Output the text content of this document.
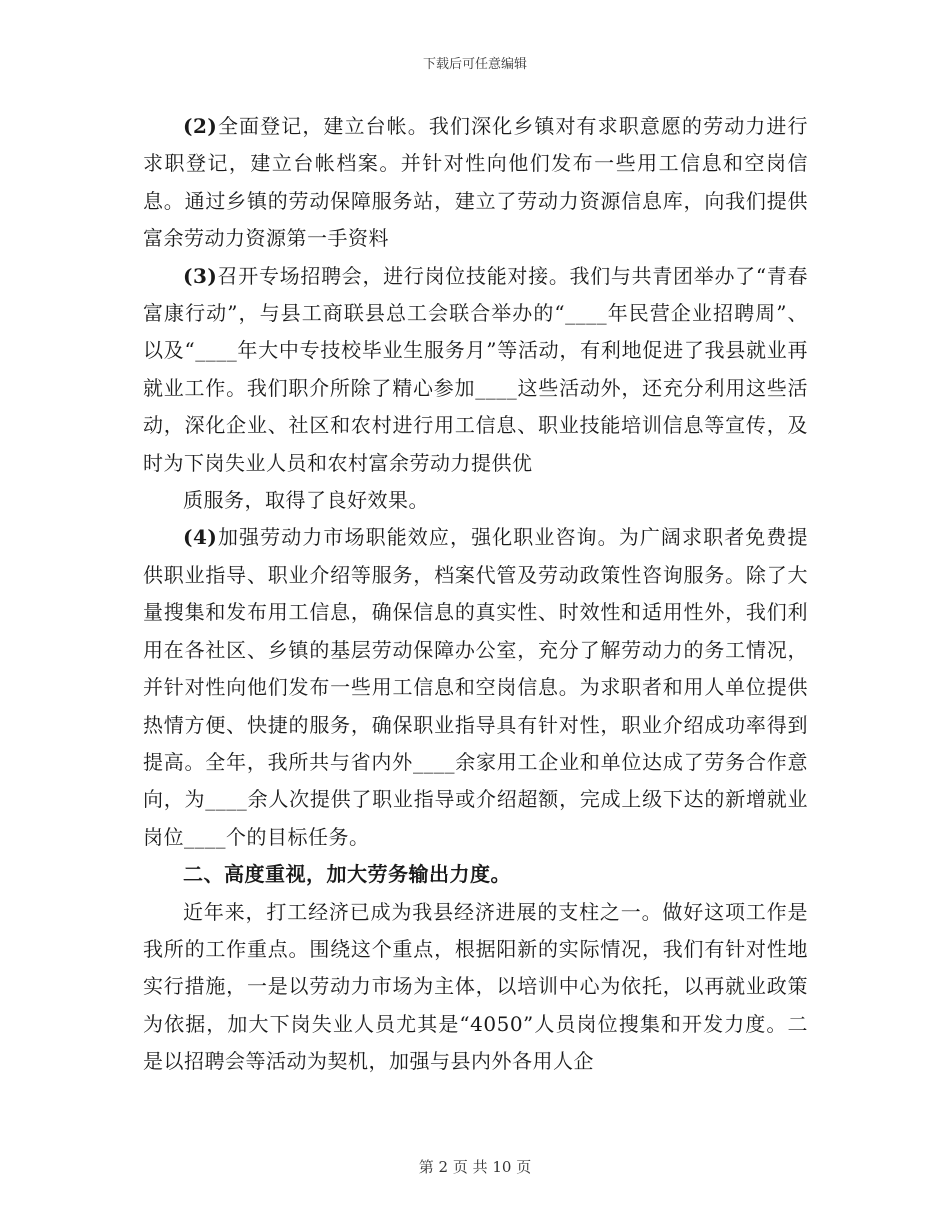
下载后可任意编辑

(2)全面登记，建立台帐。我们深化乡镇对有求职意愿的劳动力进行求职登记，建立台帐档案。并针对性向他们发布一些用工信息和空岗信息。通过乡镇的劳动保障服务站，建立了劳动力资源信息库，向我们提供富余劳动力资源第一手资料

(3)召开专场招聘会，进行岗位技能对接。我们与共青团举办了“青春富康行动”，与县工商联县总工会联合举办的“____年民营企业招聘周”、以及“____年大中专技校毕业生服务月”等活动，有利地促进了我县就业再就业工作。我们职介所除了精心参加____这些活动外，还充分利用这些活动，深化企业、社区和农村进行用工信息、职业技能培训信息等宣传，及时为下岗失业人员和农村富余劳动力提供优

质服务，取得了良好效果。

(4)加强劳动力市场职能效应，强化职业咨询。为广阔求职者免费提供职业指导、职业介绍等服务，档案代管及劳动政策性咨询服务。除了大量搜集和发布用工信息，确保信息的真实性、时效性和适用性外，我们利用在各社区、乡镇的基层劳动保障办公室，充分了解劳动力的务工情况，并针对性向他们发布一些用工信息和空岗信息。为求职者和用人单位提供热情方便、快捷的服务，确保职业指导具有针对性，职业介绍成功率得到提高。全年，我所共与省内外____余家用工企业和单位达成了劳务合作意向，为____余人次提供了职业指导或介绍超额，完成上级下达的新增就业岗位____个的目标任务。

二、高度重视，加大劳务输出力度。

近年来，打工经济已成为我县经济进展的支柱之一。做好这项工作是我所的工作重点。围绕这个重点，根据阳新的实际情况，我们有针对性地实行措施，一是以劳动力市场为主体，以培训中心为依托，以再就业政策为依据，加大下岗失业人员尤其是“4050”人员岗位搜集和开发力度。二是以招聘会等活动为契机，加强与县内外各用人企

第 2 页 共 10 页
